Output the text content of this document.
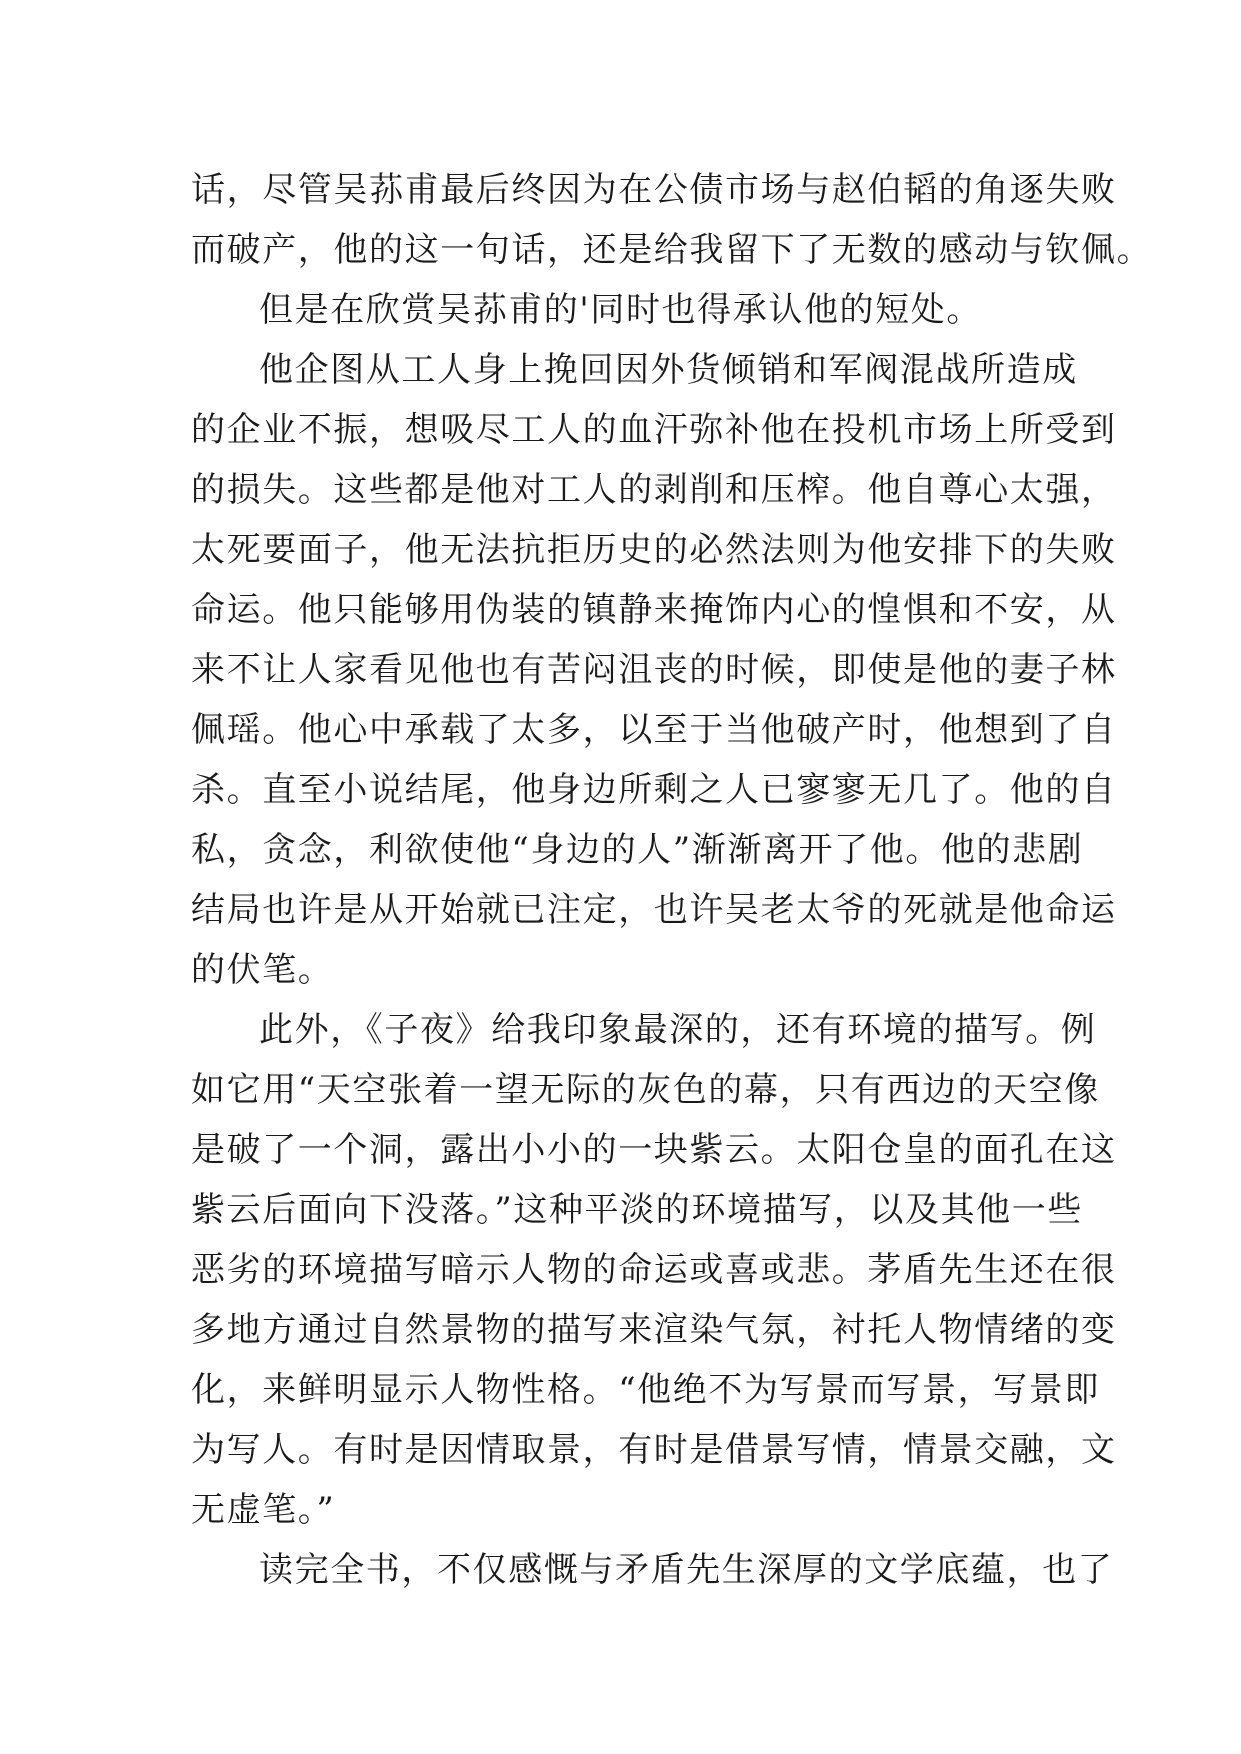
话，尽管吴荪甫最后终因为在公债市场与赵伯韬的角逐失败
而破产，他的这一句话，还是给我留下了无数的感动与钦佩。
但是在欣赏吴荪甫的'同时也得承认他的短处。
他企图从工人身上挽回因外货倾销和军阀混战所造成
的企业不振，想吸尽工人的血汗弥补他在投机市场上所受到
的损失。这些都是他对工人的剥削和压榨。他自尊心太强，
太死要面子，他无法抗拒历史的必然法则为他安排下的失败
命运。他只能够用伪装的镇静来掩饰内心的惶惧和不安，从
来不让人家看见他也有苦闷沮丧的时候，即使是他的妻子林
佩瑶。他心中承载了太多，以至于当他破产时，他想到了自
杀。直至小说结尾，他身边所剩之人已寥寥无几了。他的自
私，贪念，利欲使他“身边的人”渐渐离开了他。他的悲剧
结局也许是从开始就已注定，也许吴老太爷的死就是他命运
的伏笔。
此外，《子夜》给我印象最深的，还有环境的描写。例
如它用“天空张着一望无际的灰色的幕，只有西边的天空像
是破了一个洞，露出小小的一块紫云。太阳仓皇的面孔在这
紫云后面向下没落。”这种平淡的环境描写，以及其他一些
恶劣的环境描写暗示人物的命运或喜或悲。茅盾先生还在很
多地方通过自然景物的描写来渲染气氛，衬托人物情绪的变
化，来鲜明显示人物性格。“他绝不为写景而写景，写景即
为写人。有时是因情取景，有时是借景写情，情景交融，文
无虚笔。”
读完全书，不仅感慨与矛盾先生深厚的文学底蕴，也了
